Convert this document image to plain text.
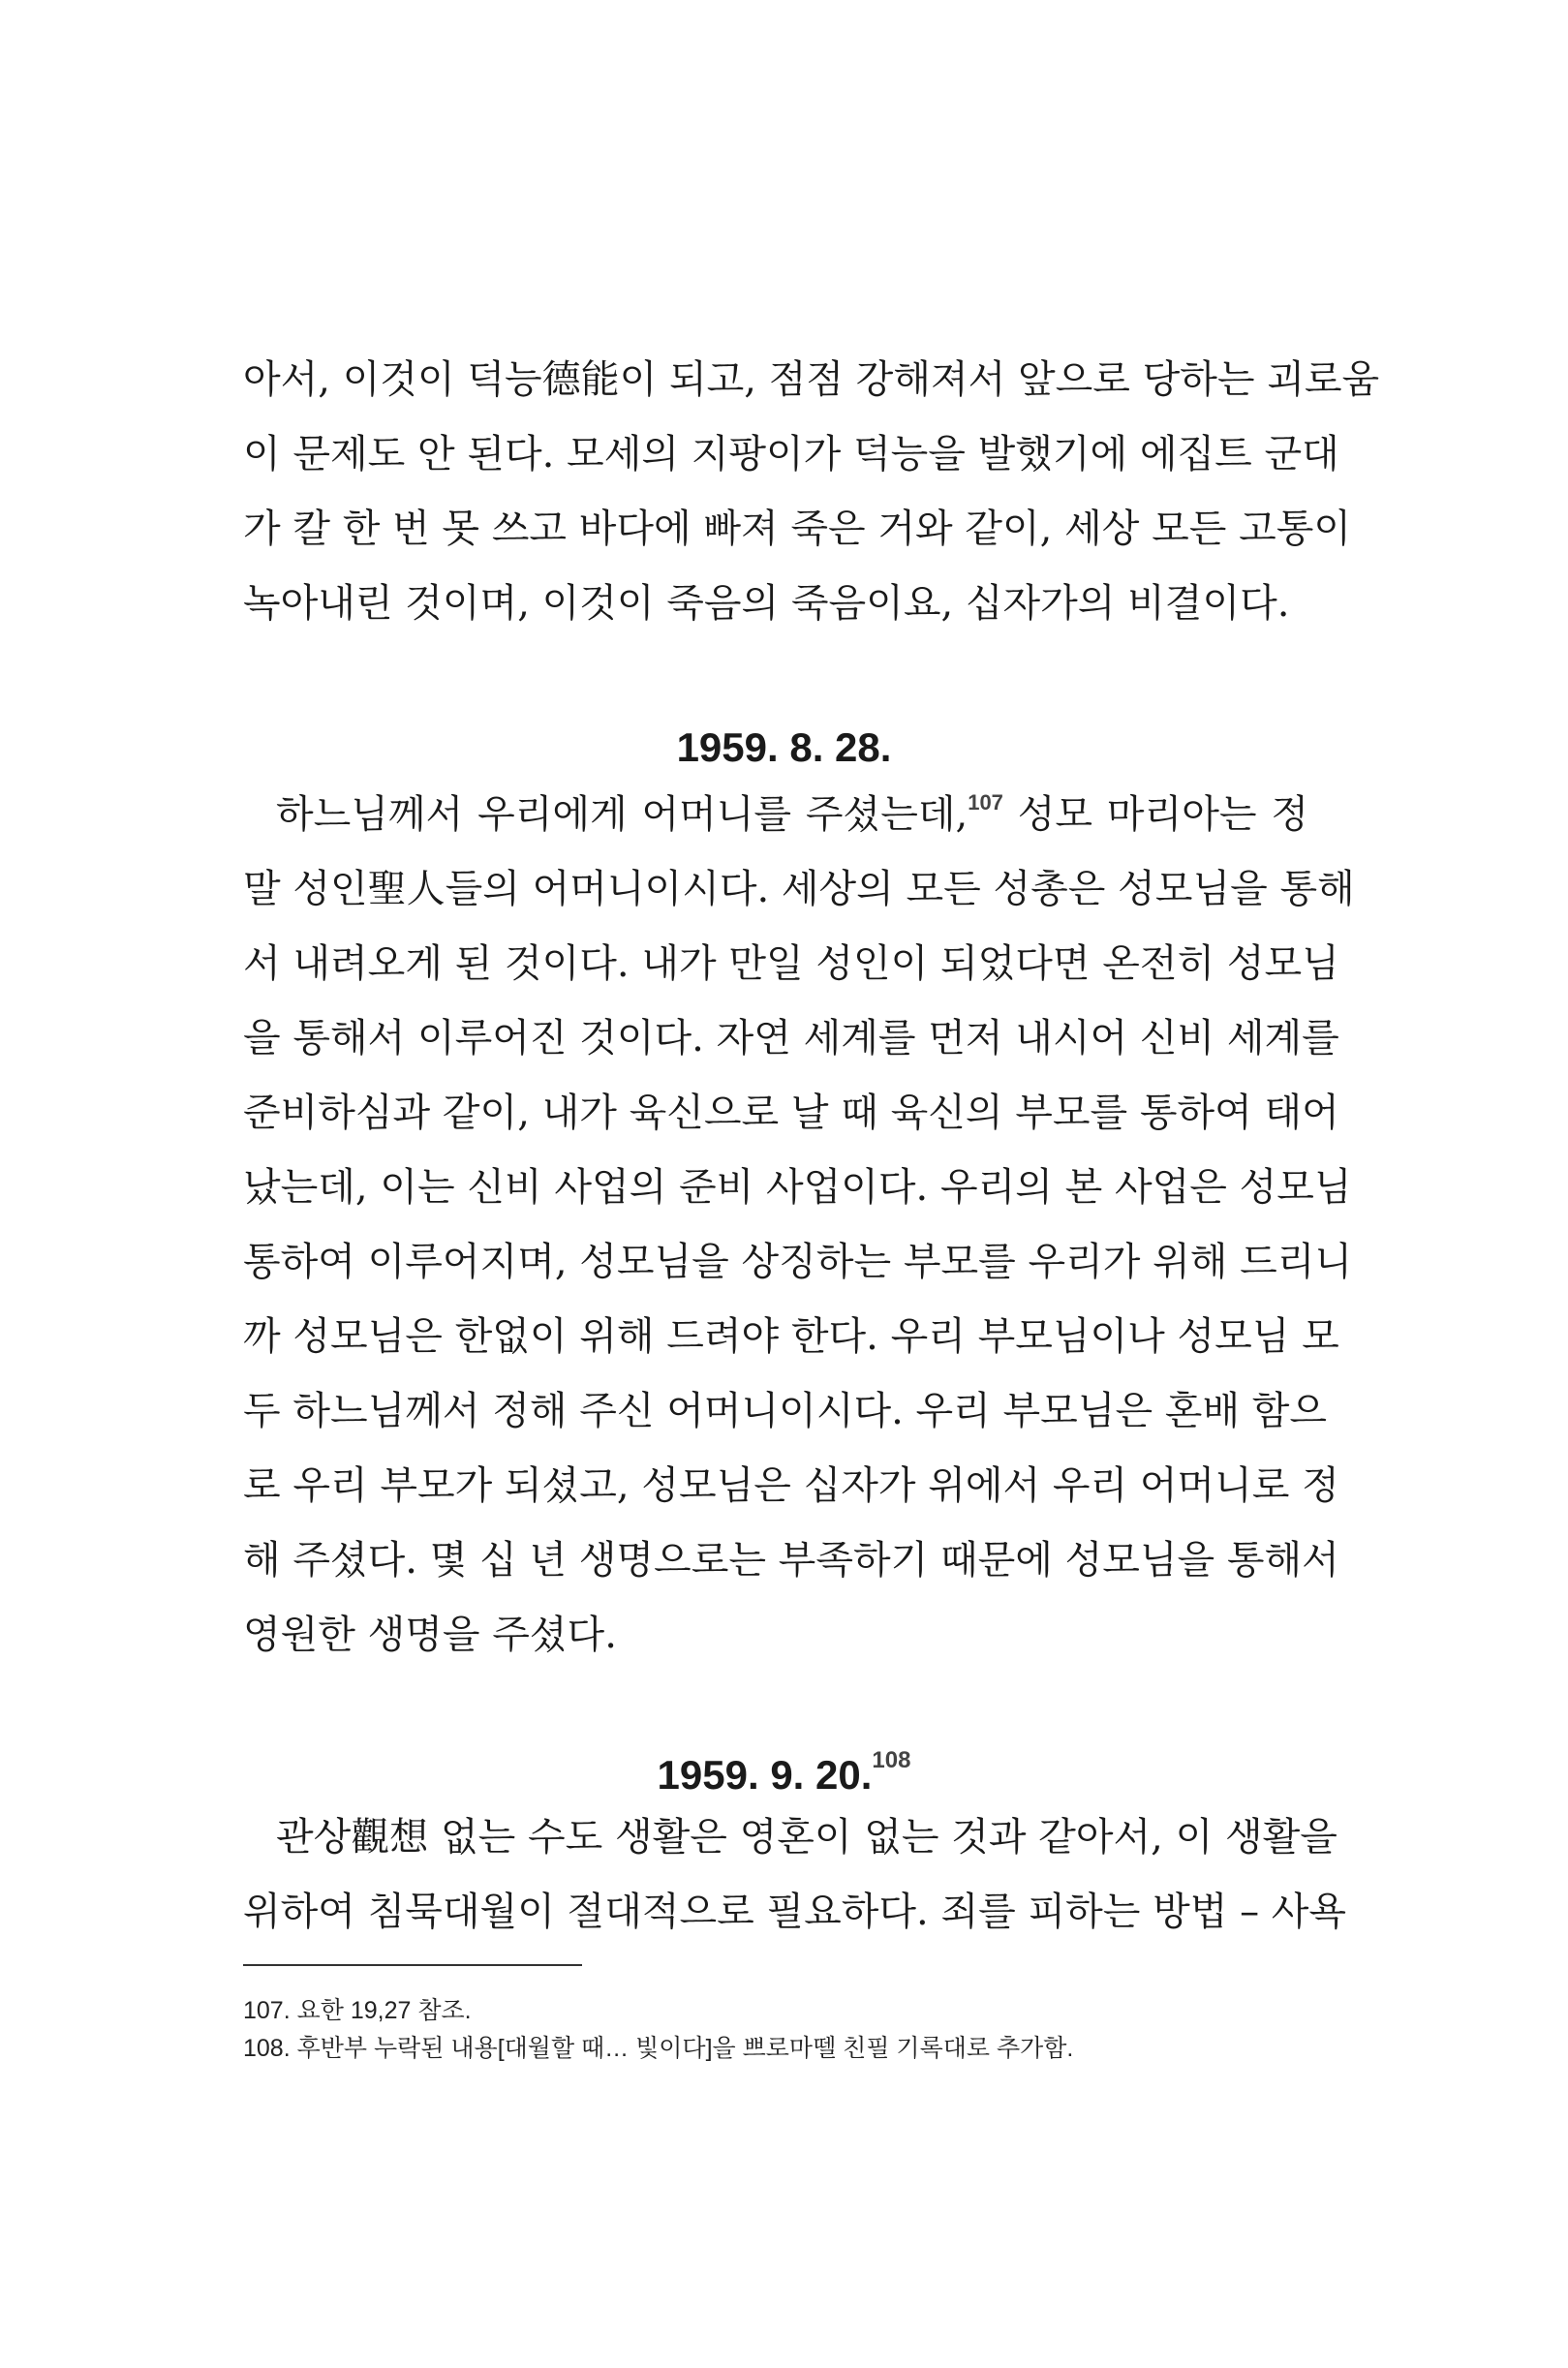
아서, 이것이 덕능德能이 되고, 점점 강해져서 앞으로 당하는 괴로움
이 문제도 안 된다. 모세의 지팡이가 덕능을 발했기에 에집트 군대
가 칼 한 번 못 쓰고 바다에 빠져 죽은 거와 같이, 세상 모든 고통이
녹아내린 것이며, 이것이 죽음의 죽음이요, 십자가의 비결이다.
1959. 8. 28.
하느님께서 우리에게 어머니를 주셨는데,$^{107}$ 성모 마리아는 정
말 성인聖人들의 어머니이시다. 세상의 모든 성총은 성모님을 통해
서 내려오게 된 것이다. 내가 만일 성인이 되었다면 온전히 성모님
을 통해서 이루어진 것이다. 자연 세계를 먼저 내시어 신비 세계를
준비하심과 같이, 내가 육신으로 날 때 육신의 부모를 통하여 태어
났는데, 이는 신비 사업의 준비 사업이다. 우리의 본 사업은 성모님
통하여 이루어지며, 성모님을 상징하는 부모를 우리가 위해 드리니
까 성모님은 한없이 위해 드려야 한다. 우리 부모님이나 성모님 모
두 하느님께서 정해 주신 어머니이시다. 우리 부모님은 혼배 함으
로 우리 부모가 되셨고, 성모님은 십자가 위에서 우리 어머니로 정
해 주셨다. 몇 십 년 생명으로는 부족하기 때문에 성모님을 통해서
영원한 생명을 주셨다.
1959. 9. 20.$^{108}$
관상觀想 없는 수도 생활은 영혼이 없는 것과 같아서, 이 생활을
위하여 침묵대월이 절대적으로 필요하다. 죄를 피하는 방법 – 사욕
107. 요한 19,27 참조.
108. 후반부 누락된 내용[대월할 때… 빛이다]을 쁘로마뗄 친필 기록대로 추가함.
